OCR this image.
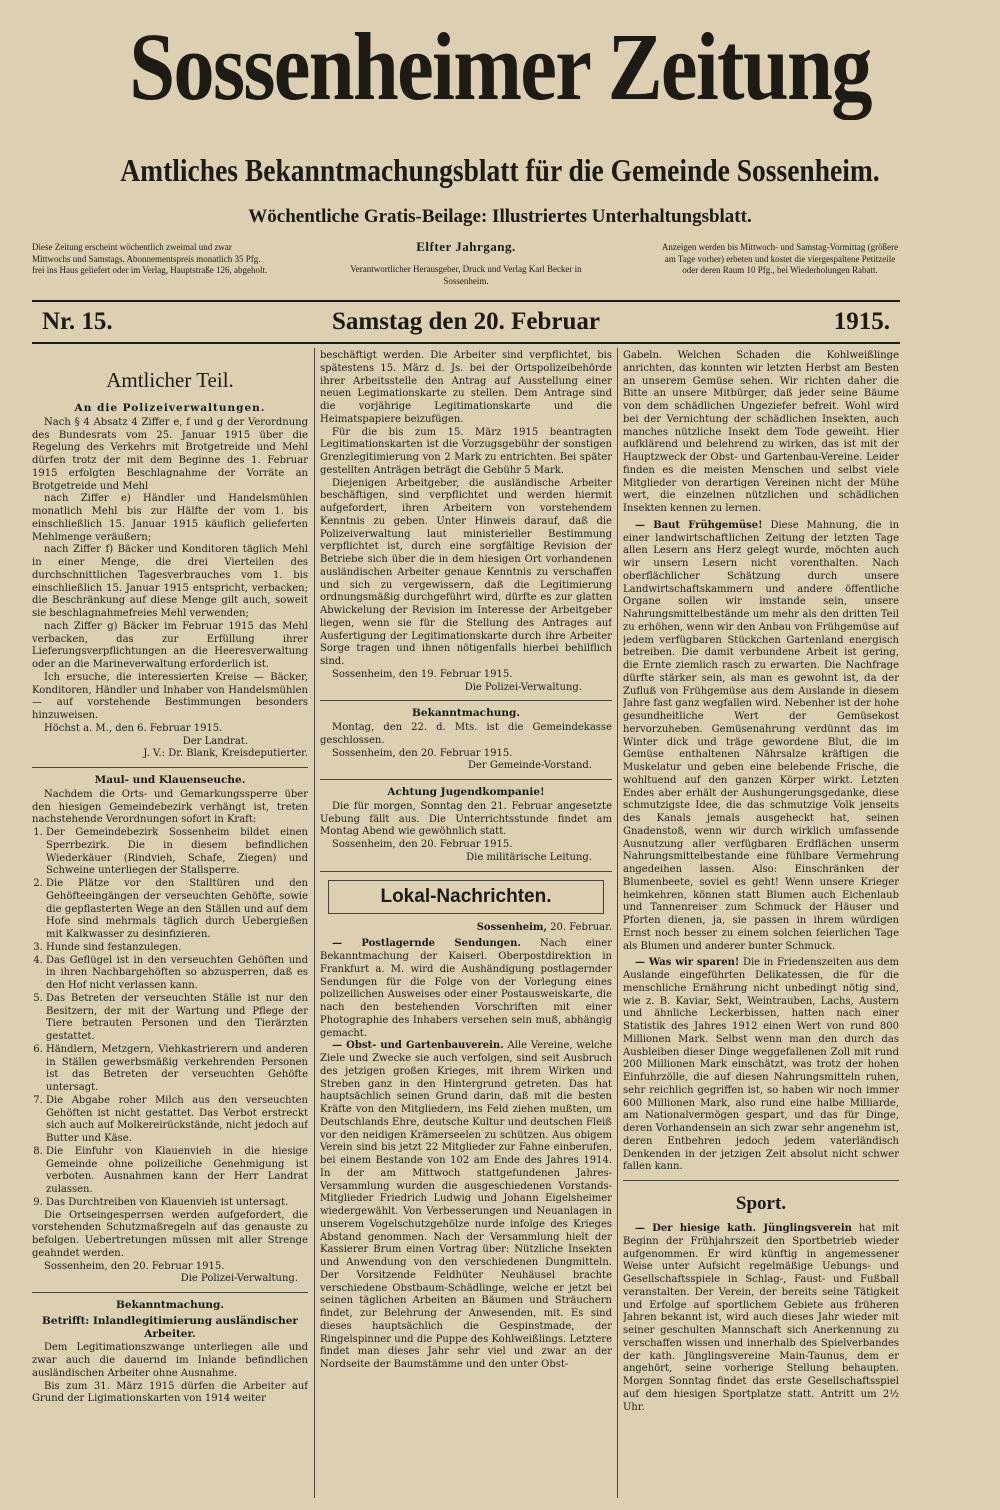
Sossenheimer Zeitung
Amtliches Bekanntmachungsblatt für die Gemeinde Sossenheim.
Wöchentliche Gratis-Beilage: Illustriertes Unterhaltungsblatt.
Diese Zeitung erscheint wöchentlich zweimal und zwar Mittwochs und Samstags. Abonnementspreis monatlich 35 Pfg. frei ins Haus geliefert oder im Verlag, Hauptstraße 126, abgeholt.
Elfter Jahrgang.
Verantwortlicher Herausgeber, Druck und Verlag Karl Becker in Sossenheim.
Anzeigen werden bis Mittwoch- und Samstag-Vormittag (größere am Tage vorher) erbeten und kostet die viergespaltene Petitzeile oder deren Raum 10 Pfg., bei Wiederholungen Rabatt.
Nr. 15.	Samstag den 20. Februar	1915.
Amtlicher Teil.
An die Polizeiverwaltungen.

Nach § 4 Absatz 4 Ziffer e, f und g der Verordnung des Bundesrats vom 25. Januar 1915 über die Regelung des Verkehrs mit Brotgetreide und Mehl dürfen trotz der mit dem Beginne des 1. Februar 1915 erfolgten Beschlagnahme der Vorräte an Brotgetreide und Mehl

nach Ziffer e) Händler und Handelsmühlen monatlich Mehl bis zur Hälfte der vom 1. bis einschließlich 15. Januar 1915 käuflich gelieferten Mehlmenge veräußern;

nach Ziffer f) Bäcker und Konditoren täglich Mehl in einer Menge, die drei Vierteilen des durchschnittlichen Tagesverbrauches vom 1. bis einschließlich 15. Januar 1915 entspricht, verbacken; die Beschränkung auf diese Menge gilt auch, soweit sie beschlagnahmefreies Mehl verwenden;

nach Ziffer g) Bäcker im Februar 1915 das Mehl verbacken, das zur Erfüllung ihrer Lieferungsverpflichtungen an die Heeresverwaltung oder an die Marineverwaltung erforderlich ist.

Ich ersuche, die interessierten Kreise — Bäcker, Konditoren, Händler und Inhaber von Handelsmühlen — auf vorstehende Bestimmungen besonders hinzuweisen.

Höchst a. M., den 6. Februar 1915.

Der Landrat.

J. V.: Dr. Blank, Kreisdeputierter.

Maul- und Klauenseuche.

Nachdem die Orts- und Gemarkungssperre über den hiesigen Gemeindebezirk verhängt ist, treten nachstehende Verordnungen sofort in Kraft:

1. Der Gemeindebezirk Sossenheim bildet einen Sperrbezirk. Die in diesem befindlichen Wiederkäuer (Rindvieh, Schafe, Ziegen) und Schweine unterliegen der Stallsperre.
2. Die Plätze vor den Stalltüren und den Gehöfteeingängen der verseuchten Gehöfte, sowie die gepflasterten Wege an den Ställen und auf dem Hofe sind mehrmals täglich durch Uebergießen mit Kalkwasser zu desinfizieren.
3. Hunde sind festanzulegen.
4. Das Geflügel ist in den verseuchten Gehöften und in ihren Nachbargehöften so abzusperren, daß es den Hof nicht verlassen kann.
5. Das Betreten der verseuchten Ställe ist nur den Besitzern, der mit der Wartung und Pflege der Tiere betrauten Personen und den Tierärzten gestattet.
6. Händlern, Metzgern, Viehkastrierern und anderen in Ställen gewerbsmäßig verkehrenden Personen ist das Betreten der verseuchten Gehöfte untersagt.
7. Die Abgabe roher Milch aus den verseuchten Gehöften ist nicht gestattet. Das Verbot erstreckt sich auch auf Molkereirückstände, nicht jedoch auf Butter und Käse.
8. Die Einfuhr von Klauenvieh in die hiesige Gemeinde ohne polizeiliche Genehmigung ist verboten. Ausnahmen kann der Herr Landrat zulassen.
9. Das Durchtreiben von Klauenvieh ist untersagt.

Die Ortseingesperrsen werden aufgefordert, die vorstehenden Schutzmaßregeln auf das genauste zu befolgen. Uebertretungen müssen mit aller Strenge geahndet werden.

Sossenheim, den 20. Februar 1915.

Die Polizei-Verwaltung.

Bekanntmachung.
Betrifft: Inlandlegitimierung ausländischer Arbeiter.

Dem Legitimationszwange unterliegen alle und zwar auch die dauernd im Inlande befindlichen ausländischen Arbeiter ohne Ausnahme.

Bis zum 31. März 1915 dürfen die Arbeiter auf Grund der Ligimationskarten von 1914 weiter

beschäftigt werden. Die Arbeiter sind verpflichtet, bis spätestens 15. März d. Js. bei der Ortspolizeibehörde ihrer Arbeitsstelle den Antrag auf Ausstellung einer neuen Legimationskarte zu stellen. Dem Antrage sind die vorjährige Legitimationskarte und die Heimatspapiere beizufügen.

Für die bis zum 15. März 1915 beantragten Legitimationskarten ist die Vorzugsgebühr der sonstigen Grenzlegitimierung von 2 Mark zu entrichten. Bei später gestellten Anträgen beträgt die Gebühr 5 Mark.

Diejenigen Arbeitgeber, die ausländische Arbeiter beschäftigen, sind verpflichtet und werden hiermit aufgefordert, ihren Arbeitern von vorstehendem Kenntnis zu geben. Unter Hinweis darauf, daß die Polizeiverwaltung laut ministerieller Bestimmung verpflichtet ist, durch eine sorgfältige Revision der Betriebe sich über die in dem hiesigen Ort vorhandenen ausländischen Arbeiter genaue Kenntnis zu verschaffen und sich zu vergewissern, daß die Legitimierung ordnungsmäßig durchgeführt wird, dürfte es zur glatten Abwickelung der Revision im Interesse der Arbeitgeber liegen, wenn sie für die Stellung des Antrages auf Ausfertigung der Legitimationskarte durch ihre Arbeiter Sorge tragen und ihnen nötigenfalls hierbei behilflich sind.

Sossenheim, den 19. Februar 1915.

Die Polizei-Verwaltung.

Bekanntmachung.

Montag, den 22. d. Mts. ist die Gemeindekasse geschlossen.

Sossenheim, den 20. Februar 1915.

Der Gemeinde-Vorstand.

Achtung Jugendkompanie!

Die für morgen, Sonntag den 21. Februar angesetzte Uebung fällt aus. Die Unterrichtsstunde findet am Montag Abend wie gewöhnlich statt.

Sossenheim, den 20. Februar 1915.

Die militärische Leitung.

Lokal-Nachrichten.

Sossenheim, 20. Februar.

— Postlagernde Sendungen. Nach einer Bekanntmachung der Kaiserl. Oberpostdirektion in Frankfurt a. M. wird die Aushändigung postlagernder Sendungen für die Folge von der Vorlegung eines polizeilichen Ausweises oder einer Postausweiskarte, die nach den bestehenden Vorschriften mit einer Photographie des Inhabers versehen sein muß, abhängig gemacht.

— Obst- und Gartenbauverein. Alle Vereine, welche Ziele und Zwecke sie auch verfolgen, sind seit Ausbruch des jetzigen großen Krieges, mit ihrem Wirken und Streben ganz in den Hintergrund getreten. Das hat hauptsächlich seinen Grund darin, daß mit die besten Kräfte von den Mitgliedern, ins Feld ziehen mußten, um Deutschlands Ehre, deutsche Kultur und deutschen Fleiß vor den neidigen Krämerseelen zu schützen. Aus obigem Verein sind bis jetzt 22 Mitglieder zur Fahne einberufen, bei einem Bestande von 102 am Ende des Jahres 1914. In der am Mittwoch stattgefundenen Jahres-Versammlung wurden die ausgeschiedenen Vorstands-Mitglieder Friedrich Ludwig und Johann Eigelsheimer wiedergewählt. Von Verbesserungen und Neuanlagen in unserem Vogelschutzgehölze nurde infolge des Krieges Abstand genommen. Nach der Versammlung hielt der Kassierer Brum einen Vortrag über: Nützliche Insekten und Anwendung von den verschiedenen Dungmitteln. Der Vorsitzende Feldhüter Neuhäusel brachte verschiedene Obstbaum-Schädlinge, welche er jetzt bei seinen täglichen Arbeiten an Bäumen und Sträuchern findet, zur Belehrung der Anwesenden, mit. Es sind dieses hauptsächlich die Gespinstmade, der Ringelspinner und die Puppe des Kohlweißlings. Letztere findet man dieses Jahr sehr viel und zwar an der Nordseite der Baumstämme und den unter Obst-

Gabeln. Welchen Schaden die Kohlweißlinge anrichten, das konnten wir letzten Herbst am Besten an unserem Gemüse sehen. Wir richten daher die Bitte an unsere Mitbürger, daß jeder seine Bäume von dem schädlichen Ungeziefer befreit. Wohl wird bei der Vernichtung der schädlichen Insekten, auch manches nützliche Insekt dem Tode geweiht. Hier aufklärend und belehrend zu wirken, das ist mit der Hauptzweck der Obst- und Gartenbau-Vereine. Leider finden es die meisten Menschen und selbst viele Mitglieder von derartigen Vereinen nicht der Mühe wert, die einzelnen nützlichen und schädlichen Insekten kennen zu lernen.

— Baut Frühgemüse! Diese Mahnung, die in einer landwirtschaftlichen Zeitung der letzten Tage allen Lesern ans Herz gelegt wurde, möchten auch wir unsern Lesern nicht vorenthalten. Nach oberflächlicher Schätzung durch unsere Landwirtschaftskammern und andere öffentliche Organe sollen wir imstande sein, unsere Nahrungsmittelbestände um mehr als den dritten Teil zu erhöhen, wenn wir den Anbau von Frühgemüse auf jedem verfügbaren Stückchen Gartenland energisch betreiben. Die damit verbundene Arbeit ist gering, die Ernte ziemlich rasch zu erwarten. Die Nachfrage dürfte stärker sein, als man es gewohnt ist, da der Zufluß von Frühgemüse aus dem Auslande in diesem Jahre fast ganz wegfallen wird. Nebenher ist der hohe gesundheitliche Wert der Gemüsekost hervorzuheben. Gemüsenahrung verdünnt das im Winter dick und träge gewordene Blut, die im Gemüse enthaltenen Nährsalze kräftigen die Muskelatur und geben eine belebende Frische, die wohltuend auf den ganzen Körper wirkt. Letzten Endes aber erhält der Aushungerungsgedanke, diese schmutzigste Idee, die das schmutzige Volk jenseits des Kanals jemals ausgeheckt hat, seinen Gnadenstoß, wenn wir durch wirklich umfassende Ausnutzung aller verfügbaren Erdflächen unserm Nahrungsmittelbestande eine fühlbare Vermehrung angedeihen lassen. Also: Einschränken der Blumenbeete, soviel es geht! Wenn unsere Krieger heimkehren, können statt Blumen auch Eichenlaub und Tannenreiser zum Schmuck der Häuser und Pforten dienen, ja, sie passen in ihrem würdigen Ernst noch besser zu einem solchen feierlichen Tage als Blumen und anderer bunter Schmuck.

— Was wir sparen! Die in Friedenszeiten aus dem Auslande eingeführten Delikatessen, die für die menschliche Ernährung nicht unbedingt nötig sind, wie z. B. Kaviar, Sekt, Weintrauben, Lachs, Austern und ähnliche Leckerbissen, hatten nach einer Statistik des Jahres 1912 einen Wert von rund 800 Millionen Mark. Selbst wenn man den durch das Ausbleiben dieser Dinge weggefallenen Zoll mit rund 200 Millionen Mark einschätzt, was trotz der hohen Einfuhrzölle, die auf diesen Nahrungsmitteln ruhen, sehr reichlich gegriffen ist, so haben wir noch immer 600 Millionen Mark, also rund eine halbe Milliarde, am Nationalvermögen gespart, und das für Dinge, deren Vorhandensein an sich zwar sehr angenehm ist, deren Entbehren jedoch jedem vaterländisch Denkenden in der jetzigen Zeit absolut nicht schwer fallen kann.

Sport.

— Der hiesige kath. Jünglingsverein hat mit Beginn der Frühjahrszeit den Sportbetrieb wieder aufgenommen. Er wird künftig in angemessener Weise unter Aufsicht regelmäßige Uebungs- und Gesellschaftsspiele in Schlag-, Faust- und Fußball veranstalten. Der Verein, der bereits seine Tätigkeit und Erfolge auf sportlichem Gebiete aus früheren Jahren bekannt ist, wird auch dieses Jahr wieder mit seiner geschulten Mannschaft sich Anerkennung zu verschaffen wissen und innerhalb des Spielverbandes der kath. Jünglingsvereine Main-Taunus, dem er angehört, seine vorherige Stellung behaupten. Morgen Sonntag findet das erste Gesellschaftsspiel auf dem hiesigen Sportplatze statt. Antritt um 2½ Uhr.
